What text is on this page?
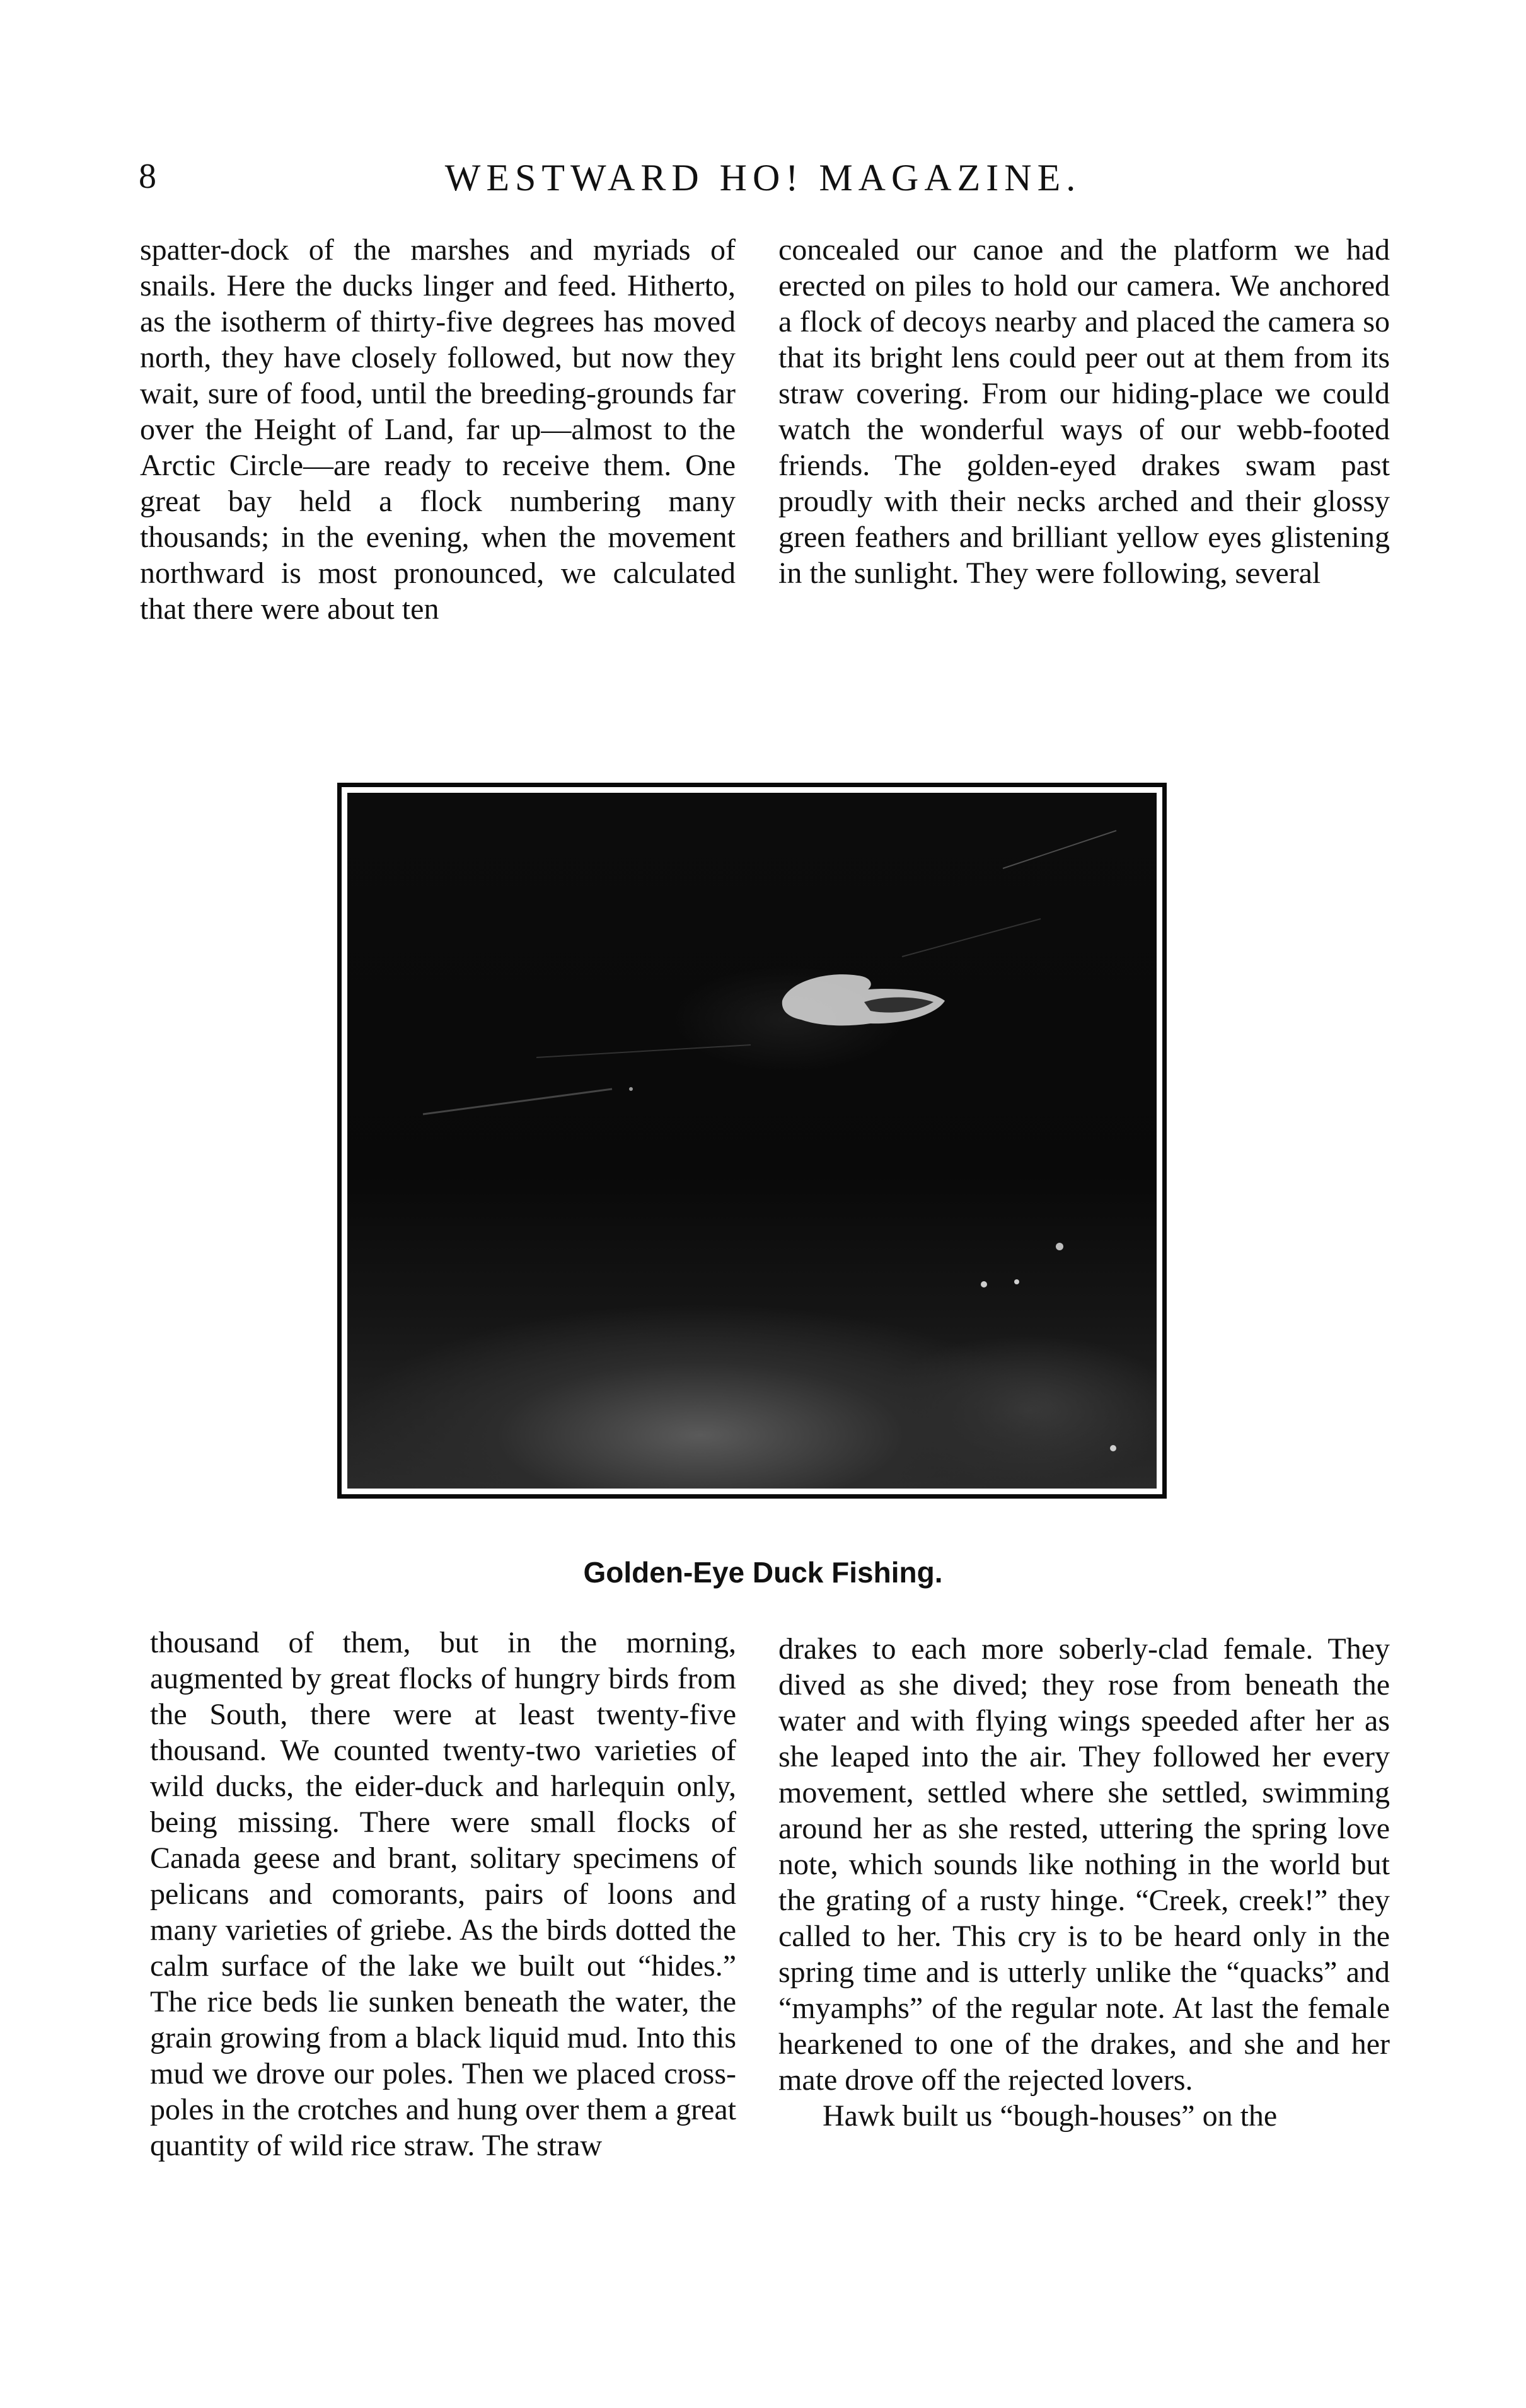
8	WESTWARD HO! MAGAZINE.

spatter-dock of the marshes and myriads of snails. Here the ducks linger and feed. Hitherto, as the isotherm of thirty-five degrees has moved north, they have closely followed, but now they wait, sure of food, until the breeding-grounds far over the Height of Land, far up—almost to the Arctic Circle—are ready to receive them. One great bay held a flock numbering many thousands; in the evening, when the movement northward is most pronounced, we calculated that there were about ten

concealed our canoe and the platform we had erected on piles to hold our camera. We anchored a flock of decoys nearby and placed the camera so that its bright lens could peer out at them from its straw covering. From our hiding-place we could watch the wonderful ways of our webb-footed friends. The golden-eyed drakes swam past proudly with their necks arched and their glossy green feathers and brilliant yellow eyes glistening in the sunlight. They were following, several

Golden-Eye Duck Fishing.

thousand of them, but in the morning, augmented by great flocks of hungry birds from the South, there were at least twenty-five thousand. We counted twenty-two varieties of wild ducks, the eider-duck and harlequin only, being missing. There were small flocks of Canada geese and brant, solitary specimens of pelicans and comorants, pairs of loons and many varieties of griebe. As the birds dotted the calm surface of the lake we built out “hides.” The rice beds lie sunken beneath the water, the grain growing from a black liquid mud. Into this mud we drove our poles. Then we placed cross-poles in the crotches and hung over them a great quantity of wild rice straw. The straw

drakes to each more soberly-clad female. They dived as she dived; they rose from beneath the water and with flying wings speeded after her as she leaped into the air. They followed her every movement, settled where she settled, swimming around her as she rested, uttering the spring love note, which sounds like nothing in the world but the grating of a rusty hinge. “Creek, creek!” they called to her. This cry is to be heard only in the spring time and is utterly unlike the “quacks” and “myamphs” of the regular note. At last the female hearkened to one of the drakes, and she and her mate drove off the rejected lovers.

Hawk built us “bough-houses” on the
